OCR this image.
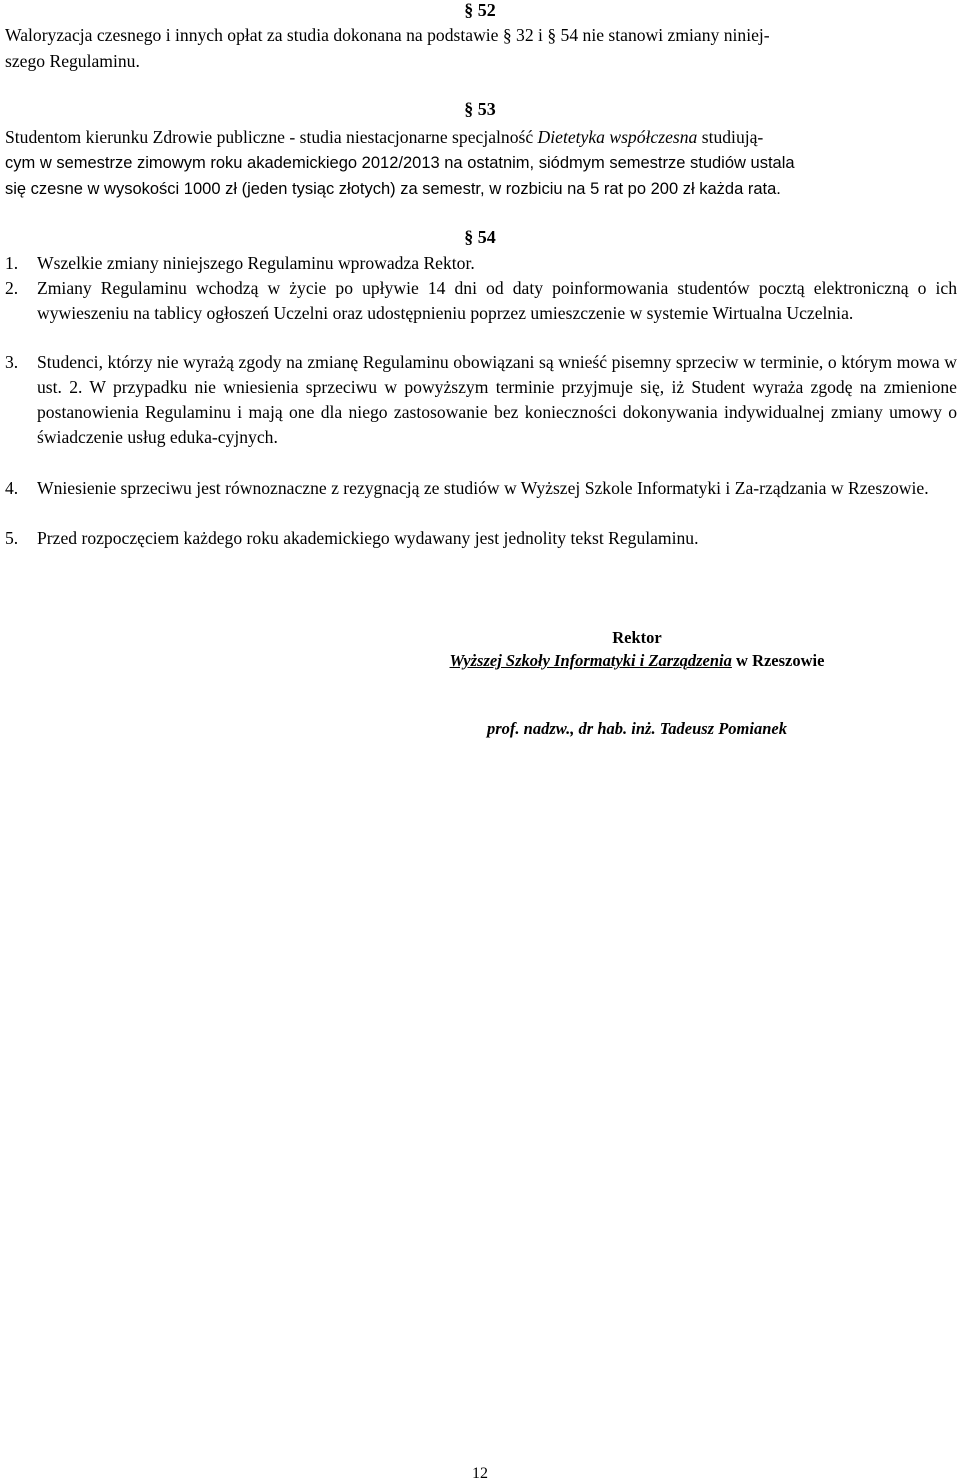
§ 52
Waloryzacja czesnego i innych opłat za studia dokonana na podstawie § 32 i § 54 nie stanowi zmiany niniej-
szego Regulaminu.
§ 53
Studentom kierunku Zdrowie publiczne - studia niestacjonarne specjalność Dietetyka współczesna studiują-
cym w semestrze zimowym roku akademickiego 2012/2013 na ostatnim, siódmym semestrze studiów ustala
się czesne w wysokości 1000 zł (jeden tysiąc złotych) za semestr, w rozbiciu na 5 rat po 200 zł każda rata.
§ 54
1. Wszelkie zmiany niniejszego Regulaminu wprowadza Rektor.
2. Zmiany Regulaminu wchodzą w życie po upływie 14 dni od daty poinformowania studentów pocztą elektroniczną o ich wywieszeniu na tablicy ogłoszeń Uczelni oraz udostępnieniu poprzez umieszczenie w systemie Wirtualna Uczelnia.
3. Studenci, którzy nie wyrażą zgody na zmianę Regulaminu obowiązani są wnieść pisemny sprzeciw w terminie, o którym mowa w ust. 2. W przypadku nie wniesienia sprzeciwu w powyższym terminie przyjmuje się, iż Student wyraża zgodę na zmienione postanowienia Regulaminu i mają one dla niego zastosowanie bez konieczności dokonywania indywidualnej zmiany umowy o świadczenie usług eduka-cyjnych.
4. Wniesienie sprzeciwu jest równoznaczne z rezygnacją ze studiów w Wyższej Szkole Informatyki i Za-rządzania w Rzeszowie.
5. Przed rozpoczęciem każdego roku akademickiego wydawany jest jednolity tekst Regulaminu.
Rektor
Wyższej Szkoły Informatyki i Zarządzenia w Rzeszowie
prof. nadzw., dr hab. inż. Tadeusz Pomianek
12
